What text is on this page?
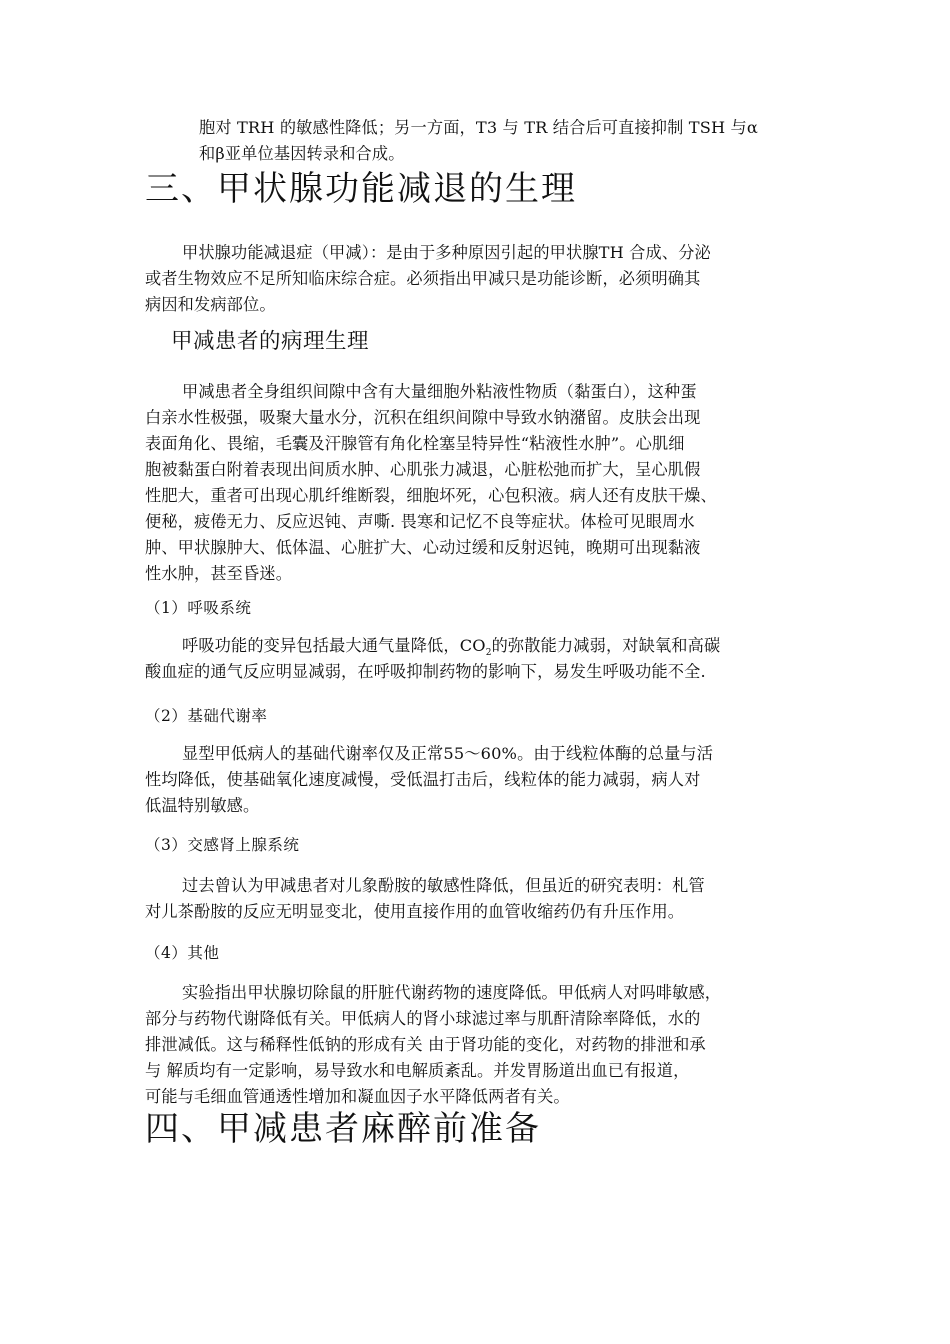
胞对 TRH 的敏感性降低；另一方面，T3 与 TR 结合后可直接抑制 TSH 与α
和β亚单位基因转录和合成。
三、甲状腺功能减退的生理
甲状腺功能减退症（甲减）：是由于多种原因引起的甲状腺TH 合成、分泌
或者生物效应不足所知临床综合症。必须指出甲减只是功能诊断，必须明确其
病因和发病部位。
甲减患者的病理生理
甲减患者全身组织间隙中含有大量细胞外粘液性物质（黏蛋白），这种蛋
白亲水性极强，吸聚大量水分，沉积在组织间隙中导致水钠潴留。皮肤会出现
表面角化、畏缩，毛囊及汗腺管有角化栓塞呈特异性“粘液性水肿”。心肌细
胞被黏蛋白附着表现出间质水肿、心肌张力减退，心脏松弛而扩大，呈心肌假
性肥大，重者可出现心肌纤维断裂，细胞坏死，心包积液。病人还有皮肤干燥、
便秘，疲倦无力、反应迟钝、声嘶. 畏寒和记忆不良等症状。体检可见眼周水
肿、甲状腺肿大、低体温、心脏扩大、心动过缓和反射迟钝，晚期可出现黏液
性水肿，甚至昏迷。
（1）呼吸系统
呼吸功能的变异包括最大通气量降低，$CO_2$的弥散能力减弱，对缺氧和高碳
酸血症的通气反应明显减弱，在呼吸抑制药物的影响下，易发生呼吸功能不全.
（2）基础代谢率
显型甲低病人的基础代谢率仅及正常55～60%。由于线粒体酶的总量与活
性均降低，使基础氧化速度减慢，受低温打击后，线粒体的能力减弱，病人对
低温特别敏感。
（3）交感肾上腺系统
过去曾认为甲减患者对儿象酚胺的敏感性降低，但虽近的研究表明：札管
对儿茶酚胺的反应无明显变北，使用直接作用的血管收缩药仍有升压作用。
（4）其他
实验指出甲状腺切除鼠的肝脏代谢药物的速度降低。甲低病人对吗啡敏感，
部分与药物代谢降低有关。甲低病人的肾小球滤过率与肌酐清除率降低，水的
排泄减低。这与稀释性低钠的形成有关 由于肾功能的变化，对药物的排泄和承
与 解质均有一定影响，易导致水和电解质紊乱。并发胃肠道出血已有报道，
可能与毛细血管通透性增加和凝血因子水平降低两者有关。
四、甲减患者麻醉前准备
